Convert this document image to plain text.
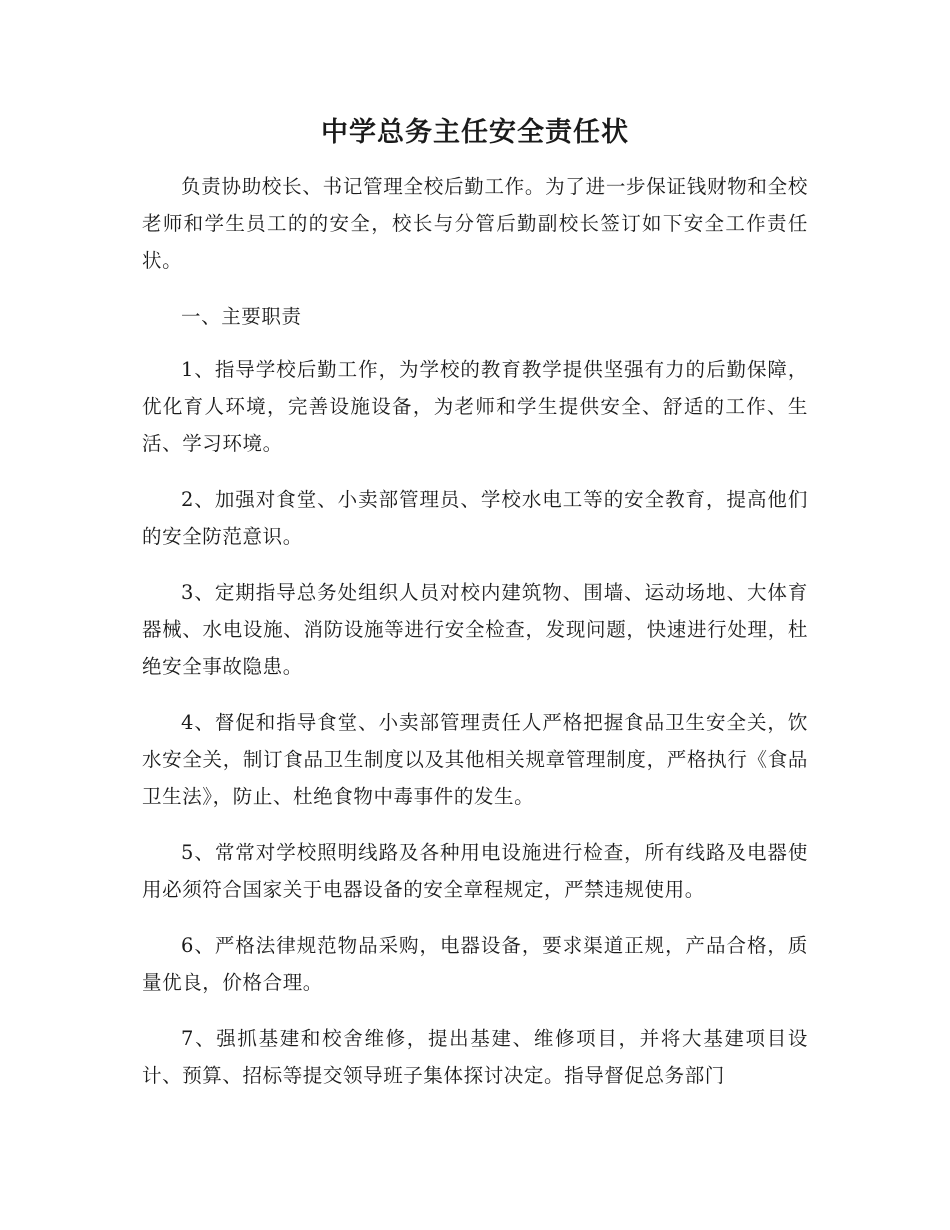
中学总务主任安全责任状

负责协助校长、书记管理全校后勤工作。为了进一步保证钱财物和全校老师和学生员工的的安全，校长与分管后勤副校长签订如下安全工作责任状。

一、主要职责

1、指导学校后勤工作，为学校的教育教学提供坚强有力的后勤保障，优化育人环境，完善设施设备，为老师和学生提供安全、舒适的工作、生活、学习环境。

2、加强对食堂、小卖部管理员、学校水电工等的安全教育，提高他们的安全防范意识。

3、定期指导总务处组织人员对校内建筑物、围墙、运动场地、大体育器械、水电设施、消防设施等进行安全检查，发现问题，快速进行处理，杜绝安全事故隐患。

4、督促和指导食堂、小卖部管理责任人严格把握食品卫生安全关，饮水安全关，制订食品卫生制度以及其他相关规章管理制度，严格执行《食品卫生法》，防止、杜绝食物中毒事件的发生。

5、常常对学校照明线路及各种用电设施进行检查，所有线路及电器使用必须符合国家关于电器设备的安全章程规定，严禁违规使用。

6、严格法律规范物品采购，电器设备，要求渠道正规，产品合格，质量优良，价格合理。

7、强抓基建和校舍维修，提出基建、维修项目，并将大基建项目设计、预算、招标等提交领导班子集体探讨决定。指导督促总务部门
